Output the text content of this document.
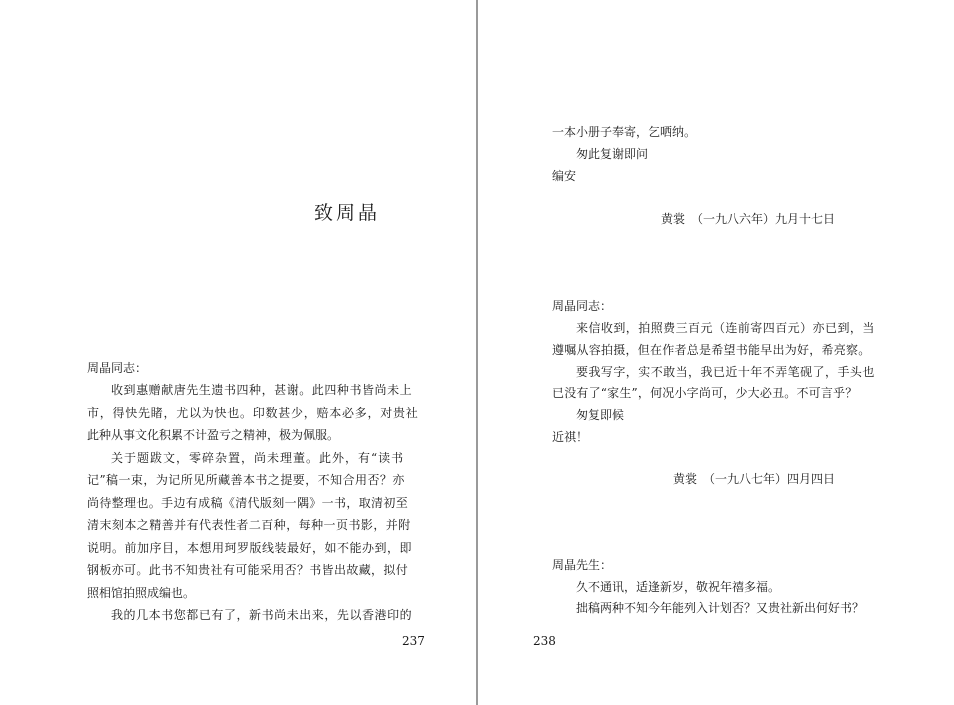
致周晶
周晶同志：
收到惠赠献唐先生遗书四种，甚谢。此四种书皆尚未上
市，得快先睹，尤以为快也。印数甚少，赔本必多，对贵社
此种从事文化积累不计盈亏之精神，极为佩服。
关于题跋文，零碎杂置，尚未理董。此外，有“读书
记”稿一束，为记所见所藏善本书之提要，不知合用否？亦
尚待整理也。手边有成稿《清代版刻一隅》一书，取清初至
清末刻本之精善并有代表性者二百种，每种一页书影，并附
说明。前加序目，本想用珂罗版线装最好，如不能办到，即
钢板亦可。此书不知贵社有可能采用否？书皆出故藏，拟付
照相馆拍照成编也。
我的几本书您都已有了，新书尚未出来，先以香港印的
237
一本小册子奉寄，乞哂纳。
匆此复谢即问
编安
黄裳　（一九八六年）九月十七日
周晶同志：
来信收到，拍照费三百元（连前寄四百元）亦已到，当
遵嘱从容拍摄，但在作者总是希望书能早出为好，希亮察。
要我写字，实不敢当，我已近十年不弄笔砚了，手头也
已没有了“家生”，何况小字尚可，少大必丑。不可言乎？
匆复即候
近祺！
黄裳　（一九八七年）四月四日
周晶先生：
久不通讯，适逢新岁，敬祝年禧多福。
拙稿两种不知今年能列入计划否？又贵社新出何好书？
238
